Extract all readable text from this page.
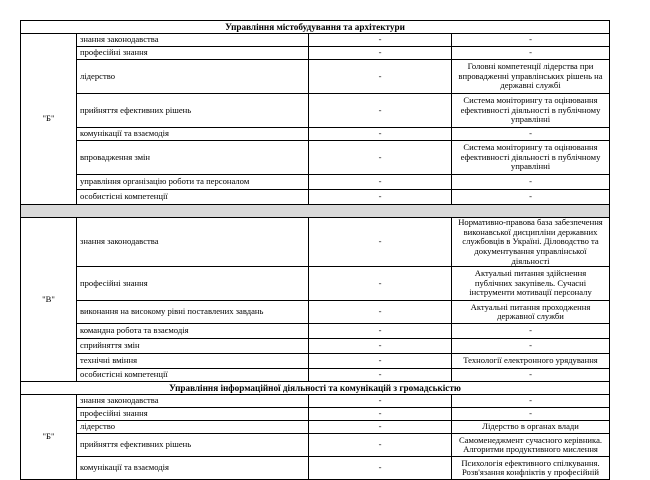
Управління містобудування та архітектури			
"Б"	знання законодавства	-	-
	професійні знання	-	-
	лідерство	-	Головні компетенції лідерства при впровадженні управлінських рішень на державні службі
	прийняття ефективних рішень	-	Система моніторингу та оцінювання ефективності діяльності в публічному управлінні
	комунікації та взаємодія	-	-
	впровадження змін	-	Система моніторингу та оцінювання ефективності діяльності в публічному управлінні
	управління організацію роботи та персоналом	-	-
	особистісні компетенції	-	-

"В"	знання законодавства	-	Нормативно-правова база забезпечення виконавської дисципліни державних службовців в Україні. Діловодство та документування управлінської діяльності
	професійні знання	-	Актуальні питання здійснення публічних закупівель. Сучасні інструменти мотивації персоналу
	виконання на високому рівні поставлених завдань	-	Актуальні питання проходження державної служби
	командна робота та взаємодія	-	-
	сприйняття змін	-	-
	технічні вміння	-	Технології електронного урядування
	особистісні компетенції	-	-
Управління інформаційної діяльності та комунікацій з громадськістю			
"Б"	знання законодавства	-	-
	професійні знання	-	-
	лідерство	-	Лідерство в органах влади
	прийняття ефективних рішень	-	Самоменеджмент сучасного керівника. Алгоритми продуктивного мислення
	комунікації та взаємодія	-	Психологія ефективного спілкування. Розв'язання конфліктів у професійній
